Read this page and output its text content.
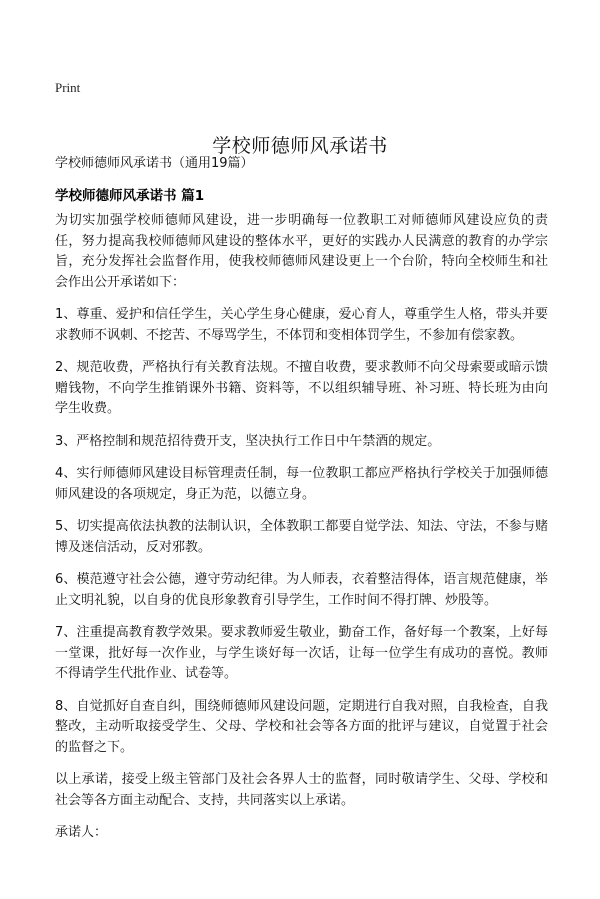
Print
学校师德师风承诺书
学校师德师风承诺书（通用19篇）
学校师德师风承诺书 篇1

为切实加强学校师德师风建设，进一步明确每一位教职工对师德师风建设应负的责任，努力提高我校师德师风建设的整体水平，更好的实践办人民满意的教育的办学宗旨，充分发挥社会监督作用，使我校师德师风建设更上一个台阶，特向全校师生和社会作出公开承诺如下：

1、尊重、爱护和信任学生，关心学生身心健康，爱心育人，尊重学生人格，带头并要求教师不讽刺、不挖苦、不辱骂学生，不体罚和变相体罚学生，不参加有偿家教。

2、规范收费，严格执行有关教育法规。不擅自收费，要求教师不向父母索要或暗示馈赠钱物，不向学生推销课外书籍、资料等，不以组织辅导班、补习班、特长班为由向学生收费。

3、严格控制和规范招待费开支，坚决执行工作日中午禁酒的规定。

4、实行师德师风建设目标管理责任制，每一位教职工都应严格执行学校关于加强师德师风建设的各项规定，身正为范，以德立身。

5、切实提高依法执教的法制认识，全体教职工都要自觉学法、知法、守法，不参与赌博及迷信活动，反对邪教。

6、模范遵守社会公德，遵守劳动纪律。为人师表，衣着整洁得体，语言规范健康，举止文明礼貌，以自身的优良形象教育引导学生，工作时间不得打牌、炒股等。

7、注重提高教育教学效果。要求教师爱生敬业，勤奋工作，备好每一个教案，上好每一堂课，批好每一次作业，与学生谈好每一次话，让每一位学生有成功的喜悦。教师不得请学生代批作业、试卷等。

8、自觉抓好自查自纠，围绕师德师风建设问题，定期进行自我对照，自我检查，自我整改，主动听取接受学生、父母、学校和社会等各方面的批评与建议，自觉置于社会的监督之下。

以上承诺，接受上级主管部门及社会各界人士的监督，同时敬请学生、父母、学校和社会等各方面主动配合、支持，共同落实以上承诺。

承诺人：
